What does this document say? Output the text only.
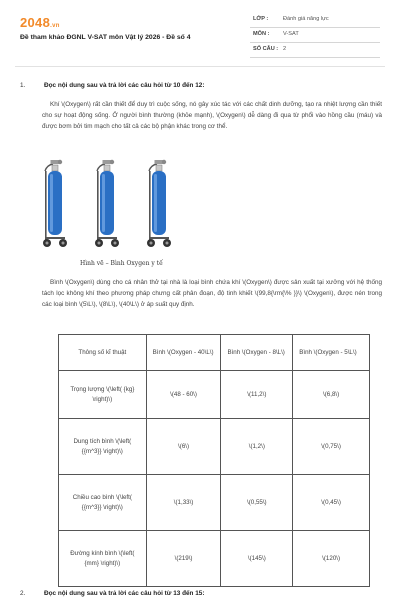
2048.vn
Đề tham khảo ĐGNL V-SAT môn Vật lý 2026 - Đề số 4
LỚP :	Đánh giá năng lực
MÔN : V-SAT
SỐ CÂU : 2
1.	Đọc nội dung sau và trả lời các câu hỏi từ 10 đến 12:

Khí \(Oxygen\) rất cần thiết để duy trì cuộc sống, nó gây xúc tác với các chất dinh dưỡng, tạo ra nhiệt lượng cần thiết cho sự hoạt động sống. Ở người bình thường (khỏe mạnh), \(Oxygen\) dễ dàng đi qua từ phổi vào hồng cầu (máu) và được bơm bởi tim mạch cho tất cả các bộ phận khác trong cơ thể.

Hình vẽ – Bình Oxygen y tế

Bình \(Oxygen\) dùng cho cá nhân thở tại nhà là loại bình chứa khí \(Oxygen\) được sản xuất tại xưởng với hệ thống tách lọc không khí theo phương pháp chưng cất phân đoạn, độ tinh khiết \(99,8{\rm{\% }}\) \(Oxygen\), được nén trong các loại bình \(5\L\), \(8\L\), \(40\L\) ở áp suất quy định.

Thông số kĩ thuật	Bình \(Oxygen - 40\L\)	Bình \(Oxygen - 8\L\)	Bình \(Oxygen - 5\L\)
Trọng lượng \(\left( {kg} \right)\)	\(48 - 60\)	\(11,2\)	\(6,8\)
Dung tích bình \(\left( {{m^3}} \right)\)	\(6\)	\(1,2\)	\(0,75\)
Chiều cao bình \(\left( {{m^3}} \right)\)	\(1,33\)	\(0,55\)	\(0,45\)
Đường kính bình \(\left( {mm} \right)\)	\(219\)	\(145\)	\(120\)
2.	Đọc nội dung sau và trả lời các câu hỏi từ 13 đến 15:
